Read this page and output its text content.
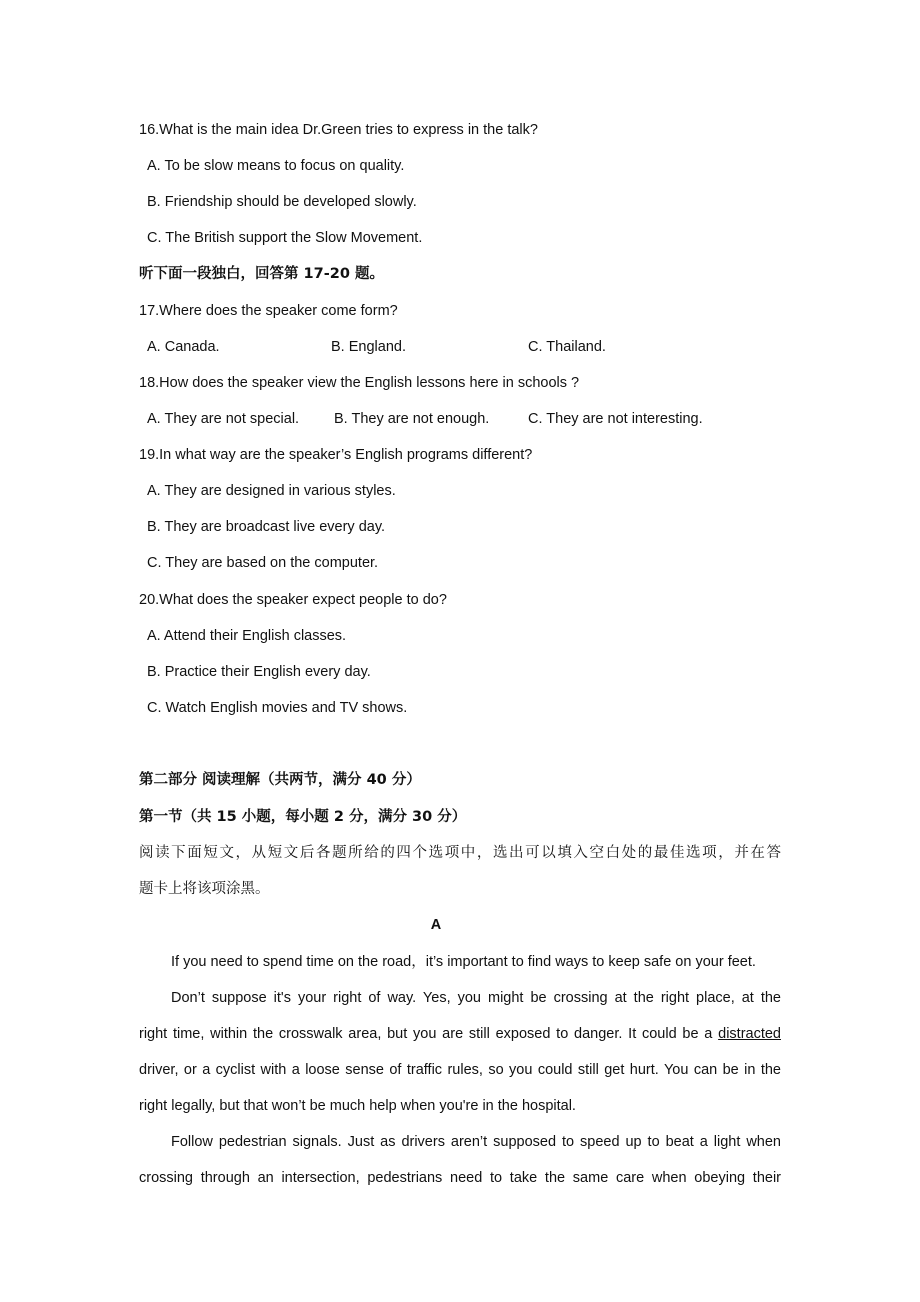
16.What is the main idea Dr.Green tries to express in the talk?
A. To be slow means to focus on quality.
B. Friendship should be developed slowly.
C. The British support the Slow Movement.
听下面一段独白，回答第 17-20 题。
17.Where does the speaker come form?
A. Canada.	B. England.	C. Thailand.
18.How does the speaker view the English lessons here in schools ?
A. They are not special. B. They are not enough.	C. They are not interesting.
19.In what way are the speaker’s English programs different?
A. They are designed in various styles.
B. They are broadcast live every day.
C. They are based on the computer.
20.What does the speaker expect people to do?
A. Attend their English classes.
B. Practice their English every day.
C. Watch English movies and TV shows.
第二部分 阅读理解（共两节，满分 40 分）
第一节（共 15 小题，每小题 2 分，满分 30 分）
阅读下面短文，从短文后各题所给的四个选项中，选出可以填入空白处的最佳选项，并在答
题卡上将该项涂黑。
A
If you need to spend time on the road，it’s important to find ways to keep safe on your feet.
Don’t suppose it's your right of way. Yes, you might be crossing at the right place, at the
right time, within the crosswalk area, but you are still exposed to danger. It could be a distracted
driver, or a cyclist with a loose sense of traffic rules, so you could still get hurt. You can be in the
right legally, but that won’t be much help when you're in the hospital.
Follow pedestrian signals. Just as drivers aren’t supposed to speed up to beat a light when
crossing through an intersection, pedestrians need to take the same care when obeying their
